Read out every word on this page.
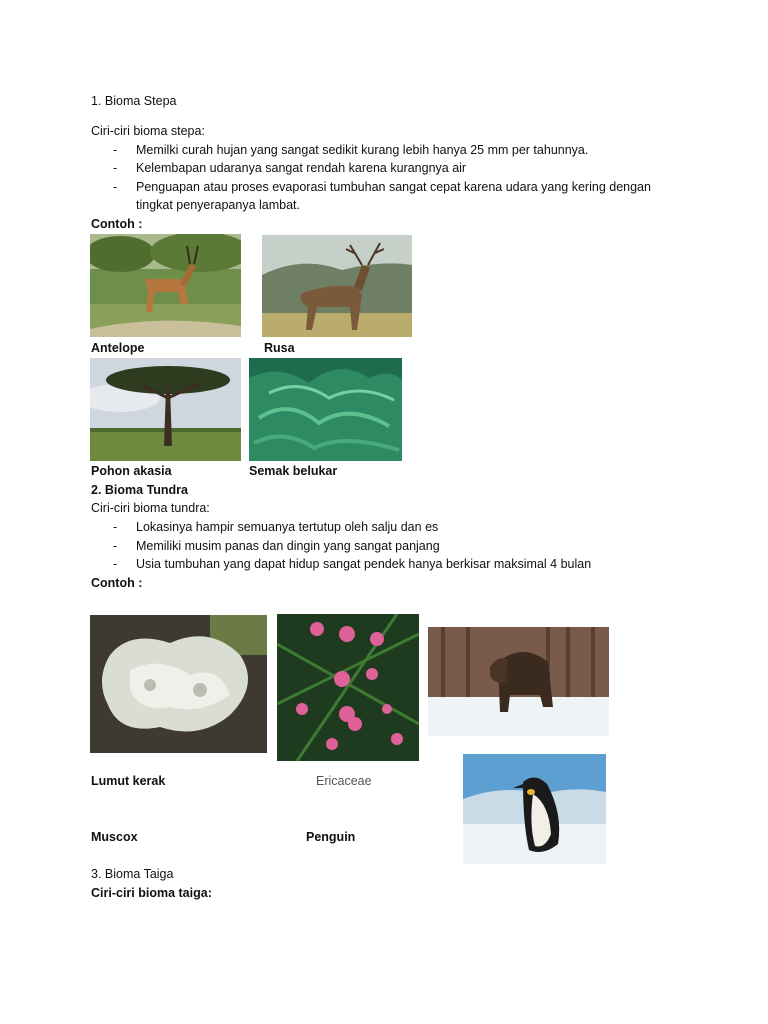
1. Bioma Stepa
Ciri-ciri bioma stepa:
- Memilki curah hujan yang sangat sedikit kurang lebih hanya 25 mm per tahunnya.
- Kelembapan udaranya sangat rendah karena kurangnya air
- Penguapan atau proses evaporasi tumbuhan sangat cepat karena udara yang kering dengan
tingkat penyerapanya lambat.
Contoh :
Antelope	Rusa
Pohon akasia	Semak belukar
2. Bioma Tundra
Ciri-ciri bioma tundra:
- Lokasinya hampir semuanya tertutup oleh salju dan es
- Memiliki musim panas dan dingin yang sangat panjang
- Usia tumbuhan yang dapat hidup sangat pendek hanya berkisar maksimal 4 bulan
Contoh :
Lumut kerak	Ericaceae
Muscox	Penguin
3. Bioma Taiga
Ciri-ciri bioma taiga:
